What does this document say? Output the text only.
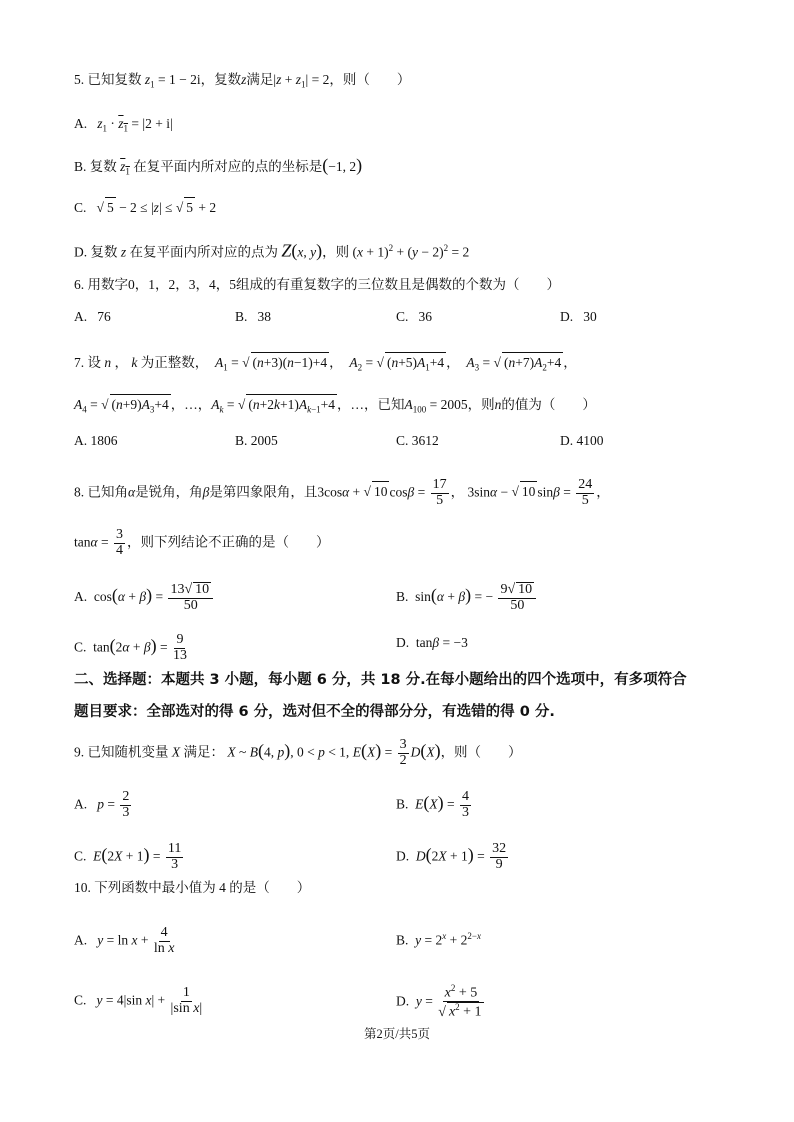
5. 已知复数 $z_1 = 1 - 2i$，复数z满足$|z + z_1| = 2$，则（　　）
A. $z_1 \cdot z_1 = |2 + i|$
B. 复数 $z_1$ 在复平面内所对应的点的坐标是(−1, 2)
C. √ 5 − 2 ≤ |z| ≤ √ 5 + 2
D. 复数 z 在复平面内所对应的点为 Z(x, y)，则 $(x + 1)^2 + (y - 2)^2 = 2$
6. 用数字0，1，2，3，4，5组成的有重复数字的三位数且是偶数的个数为（　　）
A. 76	B. 38	C. 36	D. 30
7. 设 n ， k 为正整数， $A_1$ = √ (n+3)(n−1)+4 ，  $A_2$ = √ $(n+5)A_1+4$ ，  $A_3$ = √ $(n+7)A_2+4$ ，
$A_4$ = √ $(n+9)A_3+4$ ，…，$A_k$ = √ $(n+2k+1)A_{k-1}+4$ ，…，已知$A_{100} = 2005$，则n的值为（　　）
A. 1806	B. 2005	C. 3612	D. 4100
8. 已知角α是锐角，角β是第四象限角，且3cosα + √ 10 $\cos\beta = \frac{17}{5}$ ， 3sinα − √ 10 $\sin\beta = \frac{24}{5}$ ，
$\tan\alpha = \frac{3}{4}$ ，则下列结论不正确的是（　　）
A.  $\cos(\alpha + \beta) = \frac{13 √ 10}{50}$	B.  sin(α + β) = − $\frac{9 √ 10}{50}$
C.  $\tan(2\alpha + \beta) = \frac{9}{13}$	D.  tanβ = −3
二、选择题：本题共 3 小题，每小题 6 分，共 18 分.在每小题给出的四个选项中，有多项符合
题目要求：全部选对的得 6 分，选对但不全的得部分分，有选错的得 0 分.
9. 已知随机变量 X 满足： X ~ B(4, p), 0 < p < 1, $E(X) = \frac{3}{2} D(X)$，则（　　）
A. $p = \frac{2}{3}$	B. $E(X) = \frac{4}{3}$
C. $E(2X + 1) = \frac{11}{3}$	D. $D(2X + 1) = \frac{32}{9}$
10. 下列函数中最小值为 4 的是（　　）
A. $y = \ln x + \frac{4}{\text{ln x}}$	B. $y = 2^x + 2^{2-x}$
C. y = 4|sin $x| + \frac{1}{\text{|sin x|}}$	D. $y = x^2 + 5$
√ $x^2 + 1$
第2页/共5页
